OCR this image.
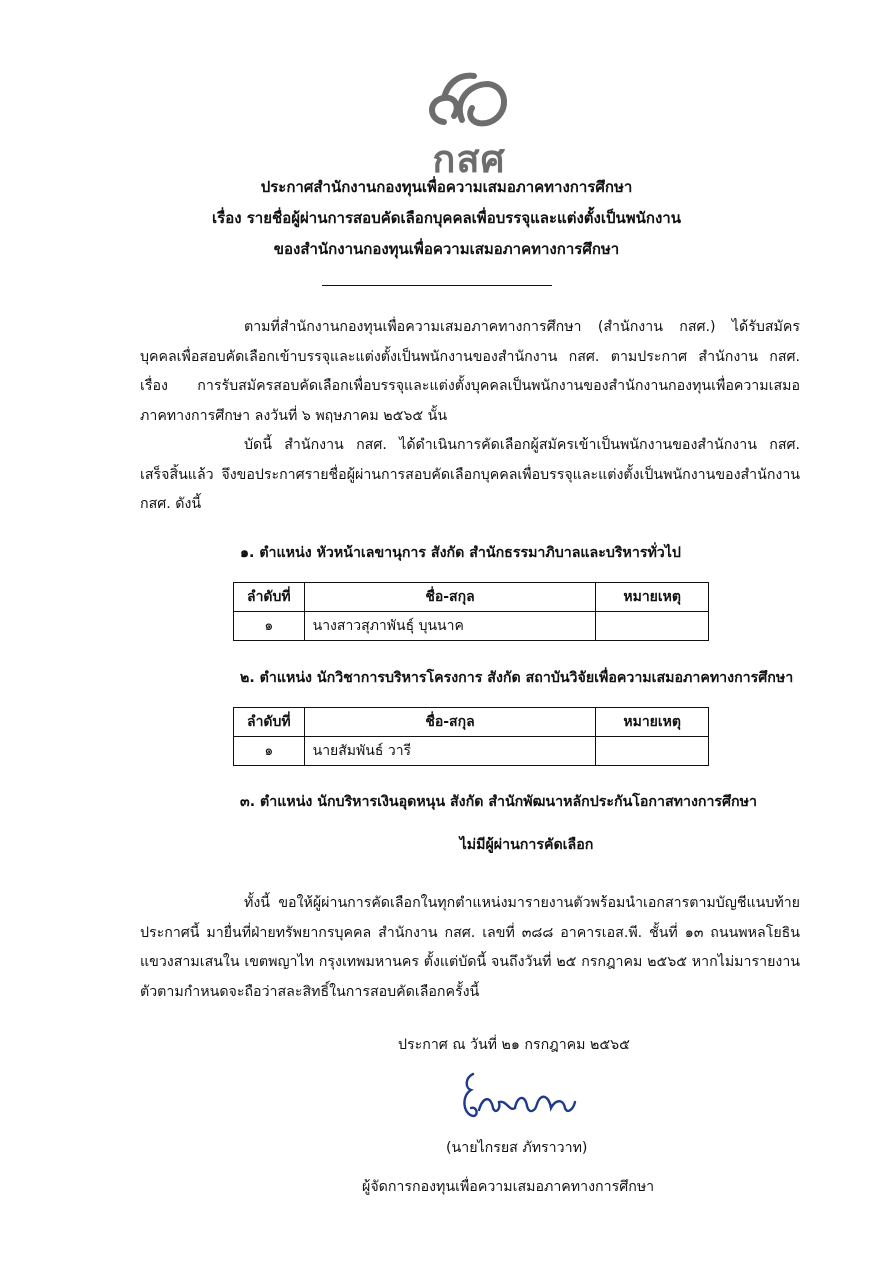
กสศ
ประกาศสำนักงานกองทุนเพื่อความเสมอภาคทางการศึกษา
เรื่อง รายชื่อผู้ผ่านการสอบคัดเลือกบุคคลเพื่อบรรจุและแต่งตั้งเป็นพนักงาน
ของสำนักงานกองทุนเพื่อความเสมอภาคทางการศึกษา
ตามที่สำนักงานกองทุนเพื่อความเสมอภาคทางการศึกษา (สำนักงาน กสศ.) ได้รับสมัครบุคคลเพื่อสอบคัดเลือกเข้าบรรจุและแต่งตั้งเป็นพนักงานของสำนักงาน กสศ. ตามประกาศ สำนักงาน กสศ. เรื่อง การรับสมัครสอบคัดเลือกเพื่อบรรจุและแต่งตั้งบุคคลเป็นพนักงานของสำนักงานกองทุนเพื่อความเสมอภาคทางการศึกษา ลงวันที่ ๖ พฤษภาคม ๒๕๖๕ นั้น
บัดนี้ สำนักงาน กสศ. ได้ดำเนินการคัดเลือกผู้สมัครเข้าเป็นพนักงานของสำนักงาน กสศ. เสร็จสิ้นแล้ว จึงขอประกาศรายชื่อผู้ผ่านการสอบคัดเลือกบุคคลเพื่อบรรจุและแต่งตั้งเป็นพนักงานของสำนักงาน กสศ. ดังนี้
๑. ตำแหน่ง หัวหน้าเลขานุการ สังกัด สำนักธรรมาภิบาลและบริหารทั่วไป
ลำดับที่	ชื่อ-สกุล	หมายเหตุ
๑	นางสาวสุภาพันธุ์ บุนนาค	
๒. ตำแหน่ง นักวิชาการบริหารโครงการ สังกัด สถาบันวิจัยเพื่อความเสมอภาคทางการศึกษา
ลำดับที่	ชื่อ-สกุล	หมายเหตุ
๑	นายสัมพันธ์ วารี	
๓. ตำแหน่ง นักบริหารเงินอุดหนุน สังกัด สำนักพัฒนาหลักประกันโอกาสทางการศึกษา
ไม่มีผู้ผ่านการคัดเลือก
ทั้งนี้ ขอให้ผู้ผ่านการคัดเลือกในทุกตำแหน่งมารายงานตัวพร้อมนำเอกสารตามบัญชีแนบท้ายประกาศนี้ มายื่นที่ฝ่ายทรัพยากรบุคคล สำนักงาน กสศ. เลขที่ ๓๘๘ อาคารเอส.พี. ชั้นที่ ๑๓ ถนนพหลโยธิน แขวงสามเสนใน เขตพญาไท กรุงเทพมหานคร ตั้งแต่บัดนี้ จนถึงวันที่ ๒๕ กรกฎาคม ๒๕๖๕ หากไม่มารายงานตัวตามกำหนดจะถือว่าสละสิทธิ์ในการสอบคัดเลือกครั้งนี้
ประกาศ ณ วันที่ ๒๑ กรกฎาคม ๒๕๖๕
(นายไกรยส ภัทราวาท)
ผู้จัดการกองทุนเพื่อความเสมอภาคทางการศึกษา
